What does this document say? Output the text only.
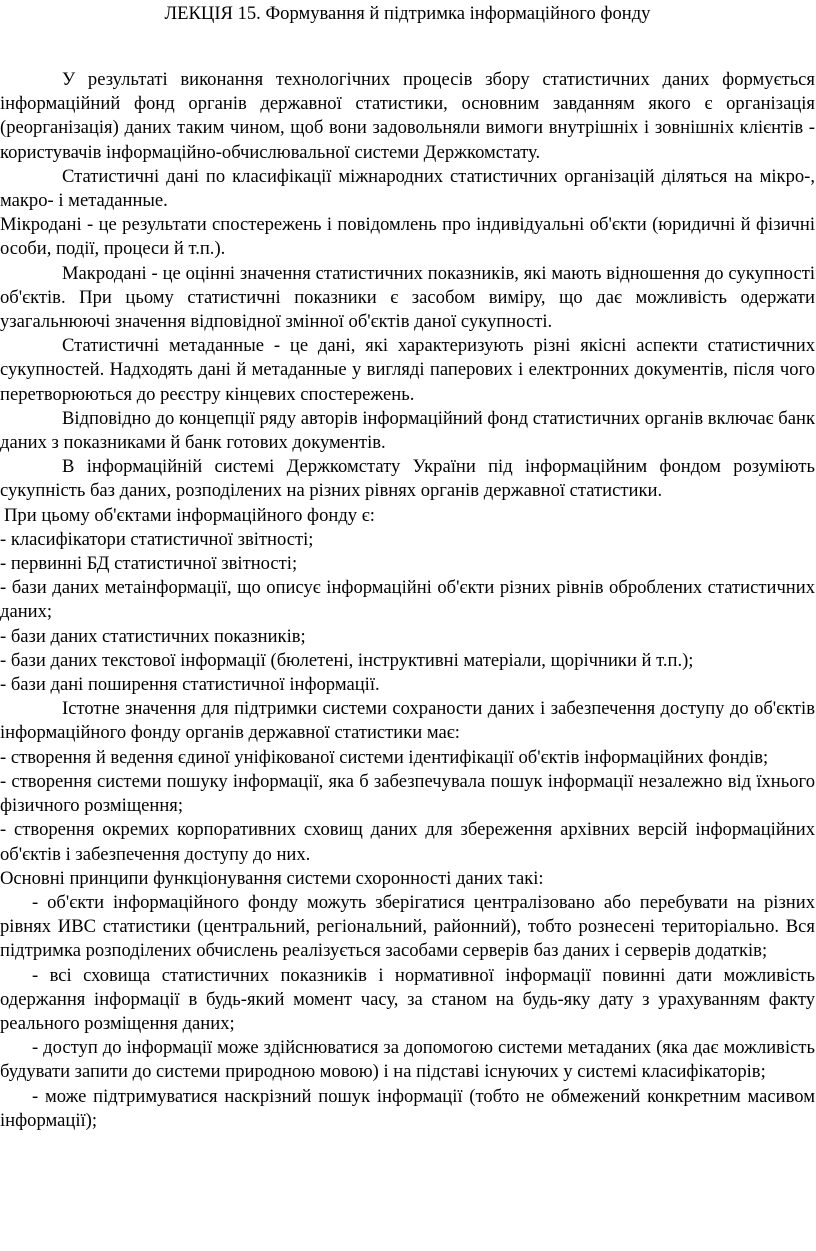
ЛЕКЦІЯ 15. Формування й підтримка інформаційного фонду

У результаті виконання технологічних процесів збору статистичних даних формується інформаційний фонд органів державної статистики, основним завданням якого є організація (реорганізація) даних таким чином, щоб вони задовольняли вимоги внутрішніх і зовнішніх клієнтів - користувачів інформаційно-обчислювальної системи Держкомстату.

Статистичні дані по класифікації міжнародних статистичних організацій діляться на мікро-, макро- і метаданные.

Мікродані - це результати спостережень і повідомлень про індивідуальні об'єкти (юридичні й фізичні особи, події, процеси й т.п.).

Макродані - це оцінні значення статистичних показників, які мають відношення до сукупності об'єктів. При цьому статистичні показники є засобом виміру, що дає можливість одержати узагальнюючі значення відповідної змінної об'єктів даної сукупності.

Статистичні метаданные - це дані, які характеризують різні якісні аспекти статистичних сукупностей. Надходять дані й метаданные у вигляді паперових і електронних документів, після чого перетворюються до реєстру кінцевих спостережень.

Відповідно до концепції ряду авторів інформаційний фонд статистичних органів включає банк даних з показниками й банк готових документів.

В інформаційній системі Держкомстату України під інформаційним фондом розуміють сукупність баз даних, розподілених на різних рівнях органів державної статистики.

При цьому об'єктами інформаційного фонду є:

- класифікатори статистичної звітності;

- первинні БД статистичної звітності;

- бази даних метаінформації, що описує інформаційні об'єкти різних рівнів оброблених статистичних даних;

- бази даних статистичних показників;

- бази даних текстової інформації (бюлетені, інструктивні матеріали, щорічники й т.п.);

- бази дані поширення статистичної інформації.

Істотне значення для підтримки системи сохраности даних і забезпечення доступу до об'єктів інформаційного фонду органів державної статистики має:

- створення й ведення єдиної уніфікованої системи ідентифікації об'єктів інформаційних фондів;

- створення системи пошуку інформації, яка б забезпечувала пошук інформації незалежно від їхнього фізичного розміщення;

- створення окремих корпоративних сховищ даних для збереження архівних версій інформаційних об'єктів і забезпечення доступу до них.

Основні принципи функціонування системи схоронності даних такі:

- об'єкти інформаційного фонду можуть зберігатися централізовано або перебувати на різних рівнях ИВС статистики (центральний, регіональний, районний), тобто рознесені територіально. Вся підтримка розподілених обчислень реалізується засобами серверів баз даних і серверів додатків;

- всі сховища статистичних показників і нормативної інформації повинні дати можливість одержання інформації в будь-який момент часу, за станом на будь-яку дату з урахуванням факту реального розміщення даних;

- доступ до інформації може здійснюватися за допомогою системи метаданих (яка дає можливість будувати запити до системи природною мовою) і на підставі існуючих у системі класифікаторів;

- може підтримуватися наскрізний пошук інформації (тобто не обмежений конкретним масивом інформації);
